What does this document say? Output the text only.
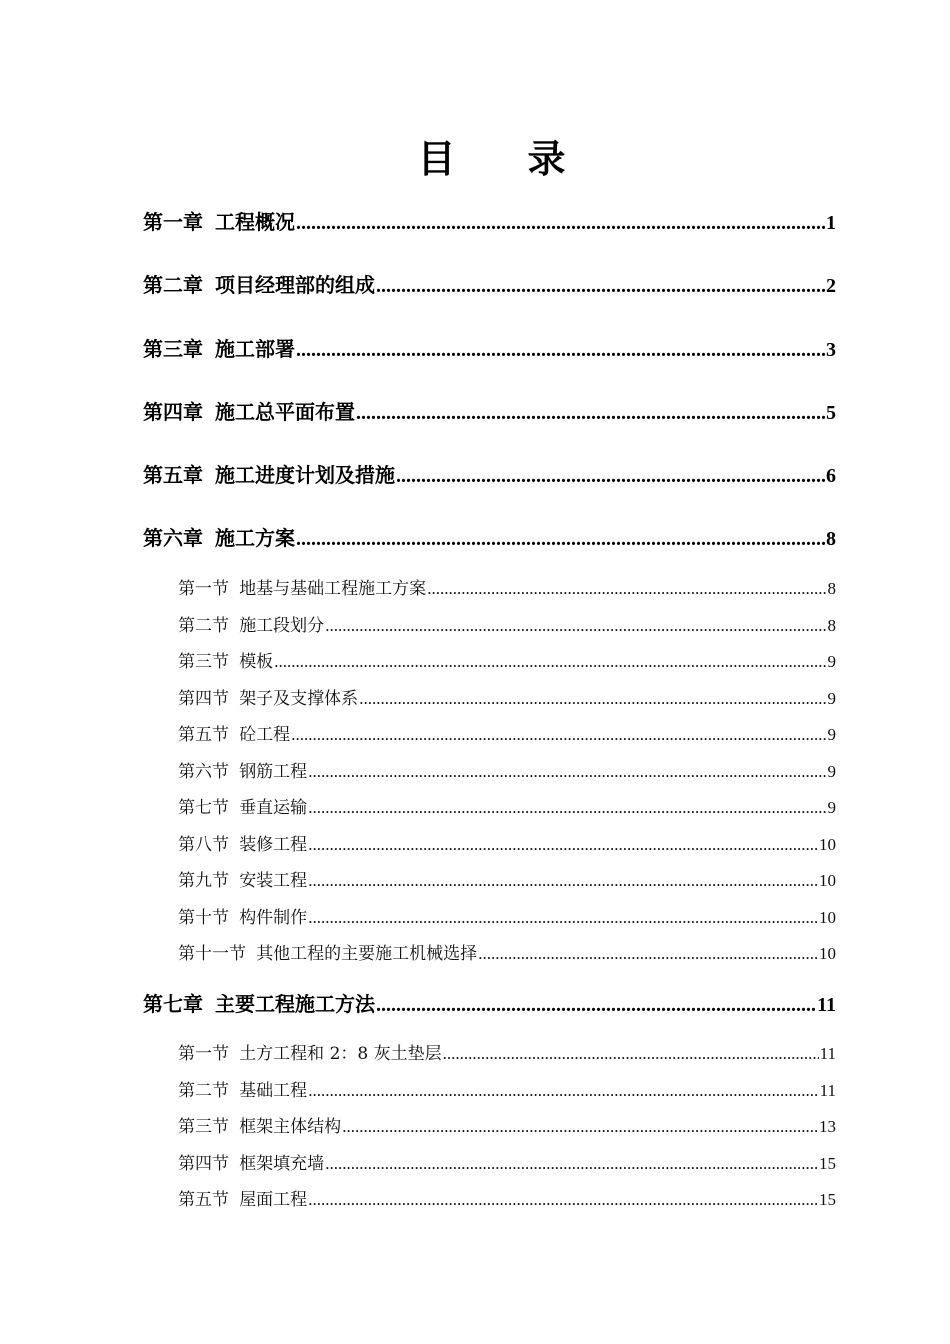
目 录
第一章 工程概况 .....	1
第二章 项目经理部的组成 .....	2
第三章 施工部署 .....	3
第四章 施工总平面布置 .....	5
第五章 施工进度计划及措施 .....	6
第六章 施工方案 .....	8
第一节 地基与基础工程施工方案 .....	8
第二节 施工段划分 .....	8
第三节 模板 .....	9
第四节 架子及支撑体系 .....	9
第五节 砼工程 .....	9
第六节 钢筋工程 .....	9
第七节 垂直运输 .....	9
第八节 装修工程 .....	10
第九节 安装工程 .....	10
第十节 构件制作 .....	10
第十一节 其他工程的主要施工机械选择 .....	10
第七章 主要工程施工方法 .....	11
第一节 土方工程和 2：8 灰土垫层 .....	11
第二节 基础工程 .....	11
第三节 框架主体结构 .....	13
第四节 框架填充墙 .....	15
第五节 屋面工程 .....	15
